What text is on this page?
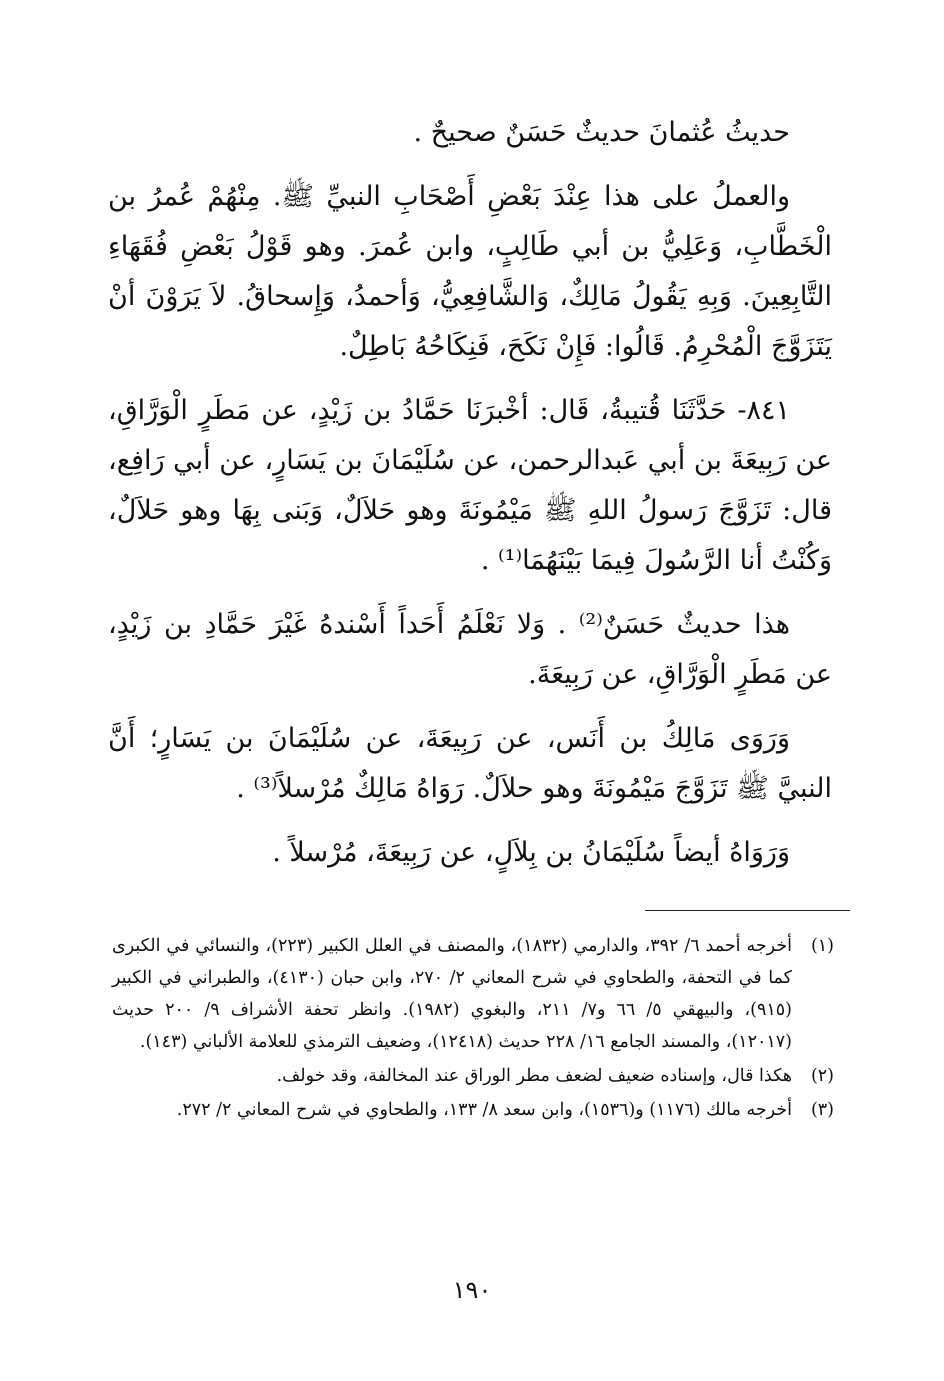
حديثُ عُثمانَ حديثٌ حَسَنٌ صحيحٌ .

والعملُ على هذا عِنْدَ بَعْضِ أَصْحَابِ النبيِّ ﷺ. مِنْهُمْ عُمرُ بن الْخَطَّابِ، وَعَلِيُّ بن أبي طَالِبٍ، وابن عُمرَ. وهو قَوْلُ بَعْضِ فُقَهَاءِ التَّابِعِينَ. وَبِهِ يَقُولُ مَالِكٌ، وَالشَّافِعِيُّ، وَأحمدُ، وَإِسحاقُ. لاَ يَرَوْنَ أنْ يَتَزَوَّجَ الْمُحْرِمُ. قَالُوا: فَإِنْ نَكَحَ، فَنِكَاحُهُ بَاطِلٌ.

٨٤١- حَدَّثَنَا قُتيبةُ، قَال: أخْبرَنَا حَمَّادُ بن زَيْدٍ، عن مَطَرٍ الْوَرَّاقِ، عن رَبِيعَةَ بن أبي عَبدالرحمن، عن سُلَيْمَانَ بن يَسَارٍ، عن أبي رَافِع، قال: تَزَوَّجَ رَسولُ اللهِ ﷺ مَيْمُونَةَ وهو حَلاَلٌ، وَبَنى بِهَا وهو حَلاَلٌ، وَكُنْتُ أنا الرَّسُولَ فِيمَا بَيْنَهُمَا⁽¹⁾ .

هذا حديثٌ حَسَنٌ⁽²⁾ . وَلا نَعْلَمُ أَحَداً أَسْندهُ غَيْرَ حَمَّادِ بن زَيْدٍ، عن مَطَرٍ الْوَرَّاقِ، عن رَبِيعَةَ.

وَرَوَى مَالِكُ بن أَنَس، عن رَبِيعَةَ، عن سُلَيْمَانَ بن يَسَارٍ؛ أَنَّ النبيَّ ﷺ تَزَوَّجَ مَيْمُونَةَ وهو حلاَلٌ. رَوَاهُ مَالِكٌ مُرْسلاً⁽³⁾ .

وَرَوَاهُ أيضاً سُلَيْمَانُ بن بِلاَلٍ، عن رَبِيعَةَ، مُرْسلاً .

(١)
أخرجه أحمد ٦/ ٣٩٢، والدارمي (١٨٣٢)، والمصنف في العلل الكبير (٢٢٣)، والنسائي في الكبرى كما في التحفة، والطحاوي في شرح المعاني ٢/ ٢٧٠، وابن حبان (٤١٣٠)، والطبراني في الكبير (٩١٥)، والبيهقي ٥/ ٦٦ و٧/ ٢١١، والبغوي (١٩٨٢). وانظر تحفة الأشراف ٩/ ٢٠٠ حديث (١٢٠١٧)، والمسند الجامع ١٦/ ٢٢٨ حديث (١٢٤١٨)، وضعيف الترمذي للعلامة الألباني (١٤٣).
(٢)
هكذا قال، وإسناده ضعيف لضعف مطر الوراق عند المخالفة، وقد خولف.
(٣)
أخرجه مالك (١١٧٦) و(١٥٣٦)، وابن سعد ٨/ ١٣٣، والطحاوي في شرح المعاني ٢/ ٢٧٢.
١٩٠
